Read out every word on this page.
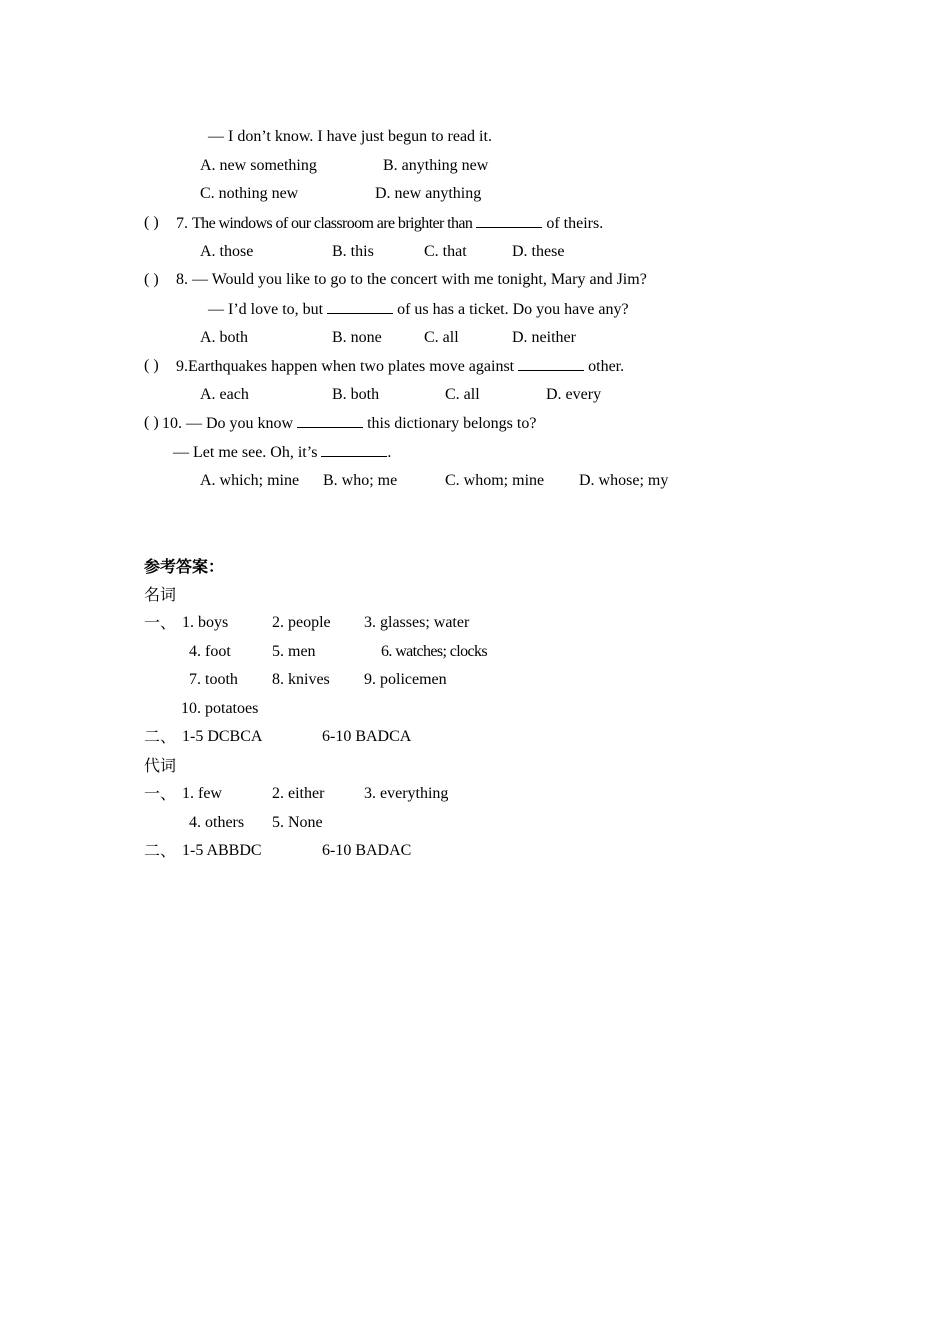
— I don’t know. I have just begun to read it.
A. new something	B. anything new
C. nothing new	D. new anything
( ) 7. The windows of our classroom are brighter than	of theirs.
A. those	B. this	C. that	D. these
( ) 8. — Would you like to go to the concert with me tonight, Mary and Jim?
— I’d love to, but	of us has a ticket. Do you have any?
A. both	B. none	C. all	D. neither
( ) 9.Earthquakes happen when two plates move against	other.
A. each	B. both	C. all	D. every
( ) 10. — Do you know	this dictionary belongs to?
— Let me see. Oh, it’s	.
A. which; mine B. who; me	C. whom; mine D. whose; my
参考答案：
名词
一、 1. boys	2. people 3. glasses; water
4. foot	5. men	6. watches; clocks
7. tooth 8. knives 9. policemen
10. potatoes
二、 1-5 DCBCA	6-10 BADCA
代词
一、 1. few	2. either 3. everything
4. others 5. None
二、 1-5 ABBDC	6-10 BADAC
